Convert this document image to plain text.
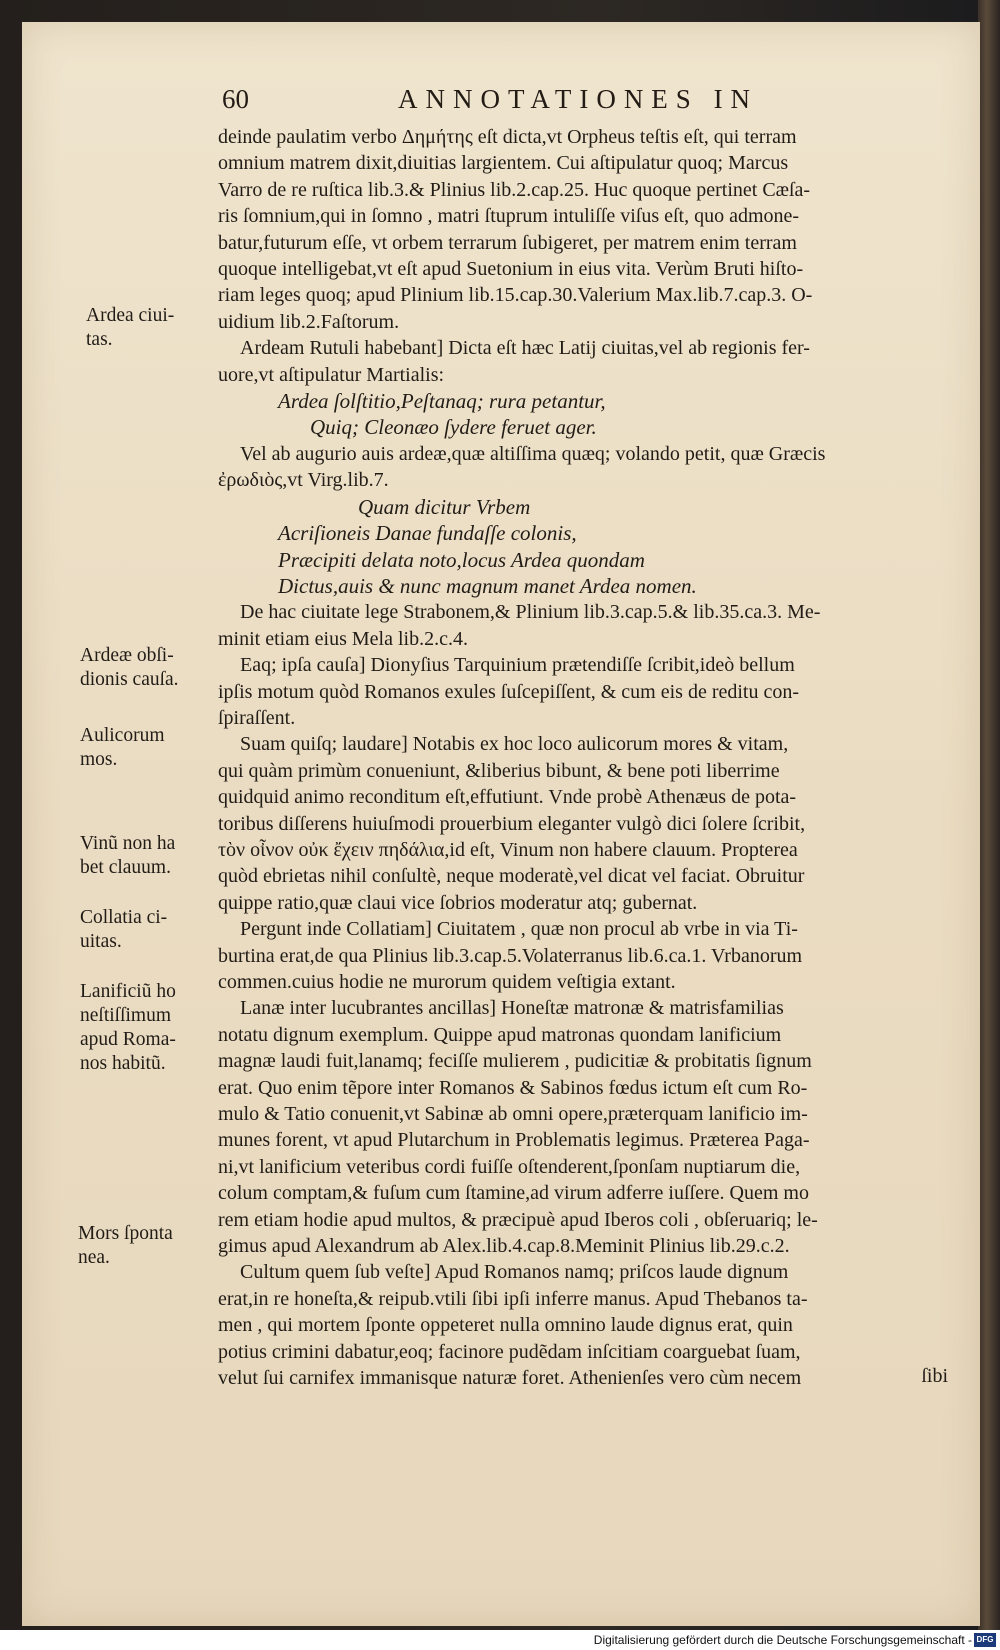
60	ANNOTATIONES IN

deinde paulatim verbo Δημήτης eſt dicta,vt Orpheus teſtis eſt, qui terram

omnium matrem dixit,diuitias largientem. Cui aſtipulatur quoq; Marcus

Varro de re ruſtica lib.3.& Plinius lib.2.cap.25. Huc quoque pertinet Cæſa-

ris ſomnium,qui in ſomno , matri ſtuprum intuliſſe viſus eſt, quo admone-

batur,futurum eſſe, vt orbem terrarum ſubigeret, per matrem enim terram

quoque intelligebat,vt eſt apud Suetonium in eius vita. Verùm Bruti hiſto-

riam leges quoq; apud Plinium lib.15.cap.30.Valerium Max.lib.7.cap.3. O-

uidium lib.2.Faſtorum.

Ardeam Rutuli habebant] Dicta eſt hæc Latij ciuitas,vel ab regionis fer-

uore,vt aſtipulatur Martialis:

Ardea ſolſtitio,Peſtanaq; rura petantur,

Quiq; Cleonæo ſydere feruet ager.

Vel ab augurio auis ardeæ,quæ altiſſima quæq; volando petit, quæ Græcis

ἐρωδιὸς,vt Virg.lib.7.

Quam dicitur Vrbem

Acriſioneis Danae fundaſſe colonis,

Præcipiti delata noto,locus Ardea quondam

Dictus,auis & nunc magnum manet Ardea nomen.

De hac ciuitate lege Strabonem,& Plinium lib.3.cap.5.& lib.35.ca.3. Me-

minit etiam eius Mela lib.2.c.4.

Eaq; ipſa cauſa] Dionyſius Tarquinium prætendiſſe ſcribit,ideò bellum

ipſis motum quòd Romanos exules ſuſcepiſſent, & cum eis de reditu con-

ſpiraſſent.

Suam quiſq; laudare] Notabis ex hoc loco aulicorum mores & vitam,

qui quàm primùm conueniunt, &liberius bibunt, & bene poti liberrime

quidquid animo reconditum eſt,effutiunt. Vnde probè Athenæus de pota-

toribus diſſerens huiuſmodi prouerbium eleganter vulgò dici ſolere ſcribit,

τὸν οἶνον οὐκ ἔχειν πηδάλια,id eſt, Vinum non habere clauum. Propterea

quòd ebrietas nihil conſultè, neque moderatè,vel dicat vel faciat. Obruitur

quippe ratio,quæ claui vice ſobrios moderatur atq; gubernat.

Pergunt inde Collatiam] Ciuitatem , quæ non procul ab vrbe in via Ti-

burtina erat,de qua Plinius lib.3.cap.5.Volaterranus lib.6.ca.1. Vrbanorum

commen.cuius hodie ne murorum quidem veſtigia extant.

Lanæ inter lucubrantes ancillas] Honeſtæ matronæ & matrisfamilias

notatu dignum exemplum. Quippe apud matronas quondam lanificium

magnæ laudi fuit,lanamq; feciſſe mulierem , pudicitiæ & probitatis ſignum

erat. Quo enim tẽpore inter Romanos & Sabinos fœdus ictum eſt cum Ro-

mulo & Tatio conuenit,vt Sabinæ ab omni opere,præterquam lanificio im-

munes forent, vt apud Plutarchum in Problematis legimus. Præterea Paga-

ni,vt lanificium veteribus cordi fuiſſe oſtenderent,ſponſam nuptiarum die,

colum comptam,& fuſum cum ſtamine,ad virum adferre iuſſere. Quem mo

rem etiam hodie apud multos, & præcipuè apud Iberos coli , obſeruariq; le-

gimus apud Alexandrum ab Alex.lib.4.cap.8.Meminit Plinius lib.29.c.2.

Cultum quem ſub veſte] Apud Romanos namq; priſcos laude dignum

erat,in re honeſta,& reipub.vtili ſibi ipſi inferre manus. Apud Thebanos ta-

men , qui mortem ſponte oppeteret nulla omnino laude dignus erat, quin

potius crimini dabatur,eoq; facinore pudẽdam inſcitiam coarguebat ſuam,

velut ſui carnifex immanisque naturæ foret. Athenienſes vero cùm necem

Ardea ciui-
tas.
Ardeæ obſi-
dionis cauſa.
Aulicorum
mos.
Vinũ non ha
bet clauum.
Collatia ci-
uitas.
Lanificiũ ho
neſtiſſimum
apud Roma-
nos habitũ.
Mors ſponta
nea.
ſibi
Digitalisierung gefördert durch die Deutsche Forschungsgemeinschaft - DFG
